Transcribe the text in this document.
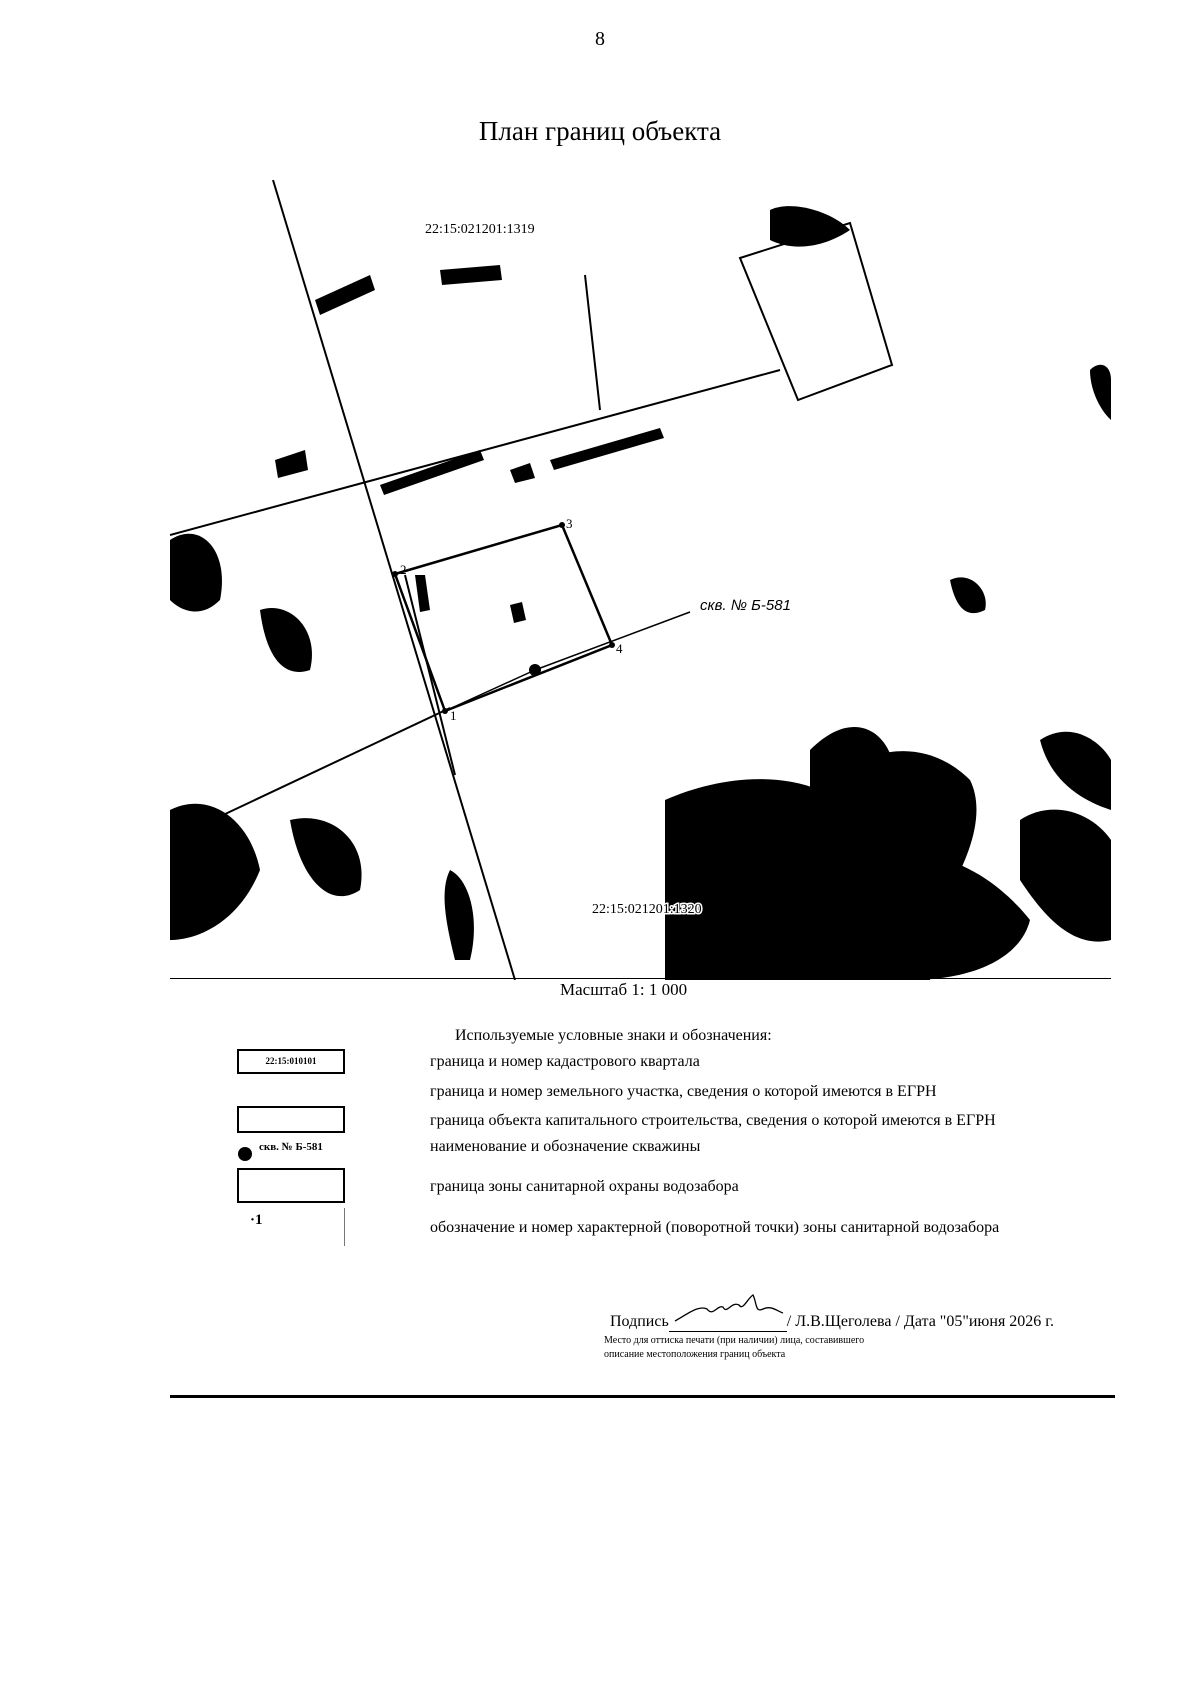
8
План границ объекта
1
2
3
4
скв. № Б-581
22:15:021201:1319
22:15:021201:1320
Масштаб 1: 1 000
Используемые условные знаки и обозначения:
22:15:010101	граница и номер кадастрового квартала
граница и номер земельного участка, сведения о которой имеются в ЕГРН
граница объекта капитального строительства, сведения о которой имеются в ЕГРН
скв. № Б-581	наименование и обозначение скважины
граница зоны санитарной охраны водозабора
·1	обозначение и номер характерной (поворотной точки) зоны санитарной водозабора
Подпись	/ Л.В.Щеголева / Дата "05"июня 2026 г.
Место для оттиска печати (при наличии) лица, составившего
описание местоположения границ объекта
